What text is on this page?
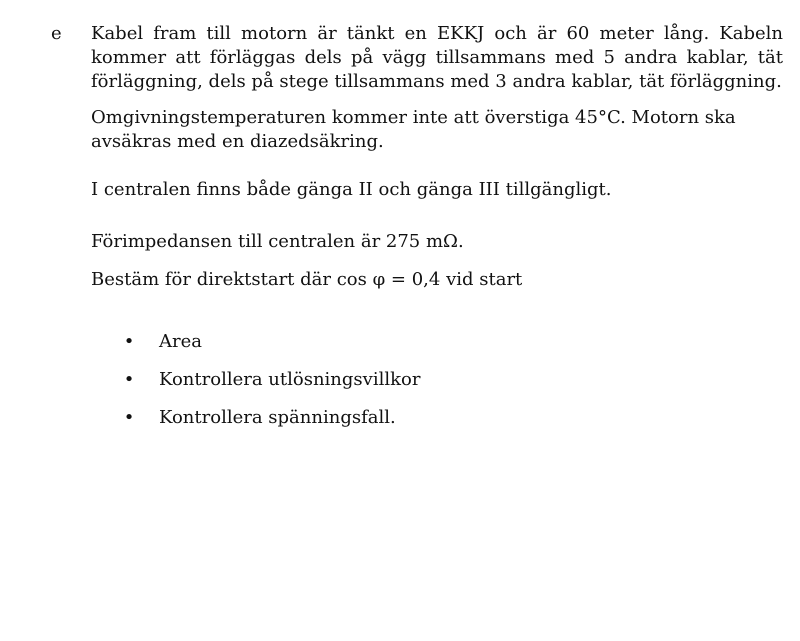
e Kabel fram till motorn är tänkt en EKKJ och är 60 meter lång. Kabeln
kommer att förläggas dels på vägg tillsammans med 5 andra kablar, tät
förläggning, dels på stege tillsammans med 3 andra kablar, tät förläggning.
Omgivningstemperaturen kommer inte att överstiga 45°C. Motorn ska
avsäkras med en diazedsäkring.

I centralen finns både gänga II och gänga III tillgängligt.

Förimpedansen till centralen är 275 mΩ.

Bestäm för direktstart där cos φ = 0,4 vid start

• Area
• Kontrollera utlösningsvillkor
• Kontrollera spänningsfall.
